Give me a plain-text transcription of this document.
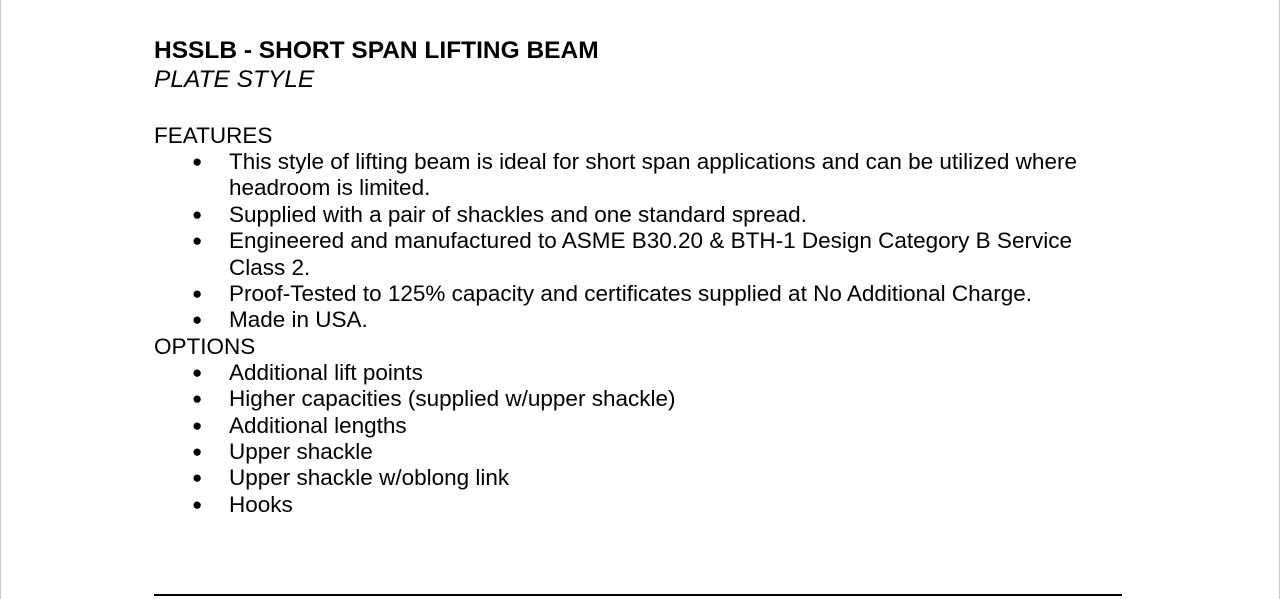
HSSLB - SHORT SPAN LIFTING BEAM

PLATE STYLE

FEATURES

● This style of lifting beam is ideal for short span applications and can be utilized where headroom is limited.
● Supplied with a pair of shackles and one standard spread.
● Engineered and manufactured to ASME B30.20 & BTH-1 Design Category B Service Class 2.
● Proof-Tested to 125% capacity and certificates supplied at No Additional Charge.
● Made in USA.

OPTIONS

● Additional lift points
● Higher capacities (supplied w/upper shackle)
● Additional lengths
● Upper shackle
● Upper shackle w/oblong link
● Hooks
